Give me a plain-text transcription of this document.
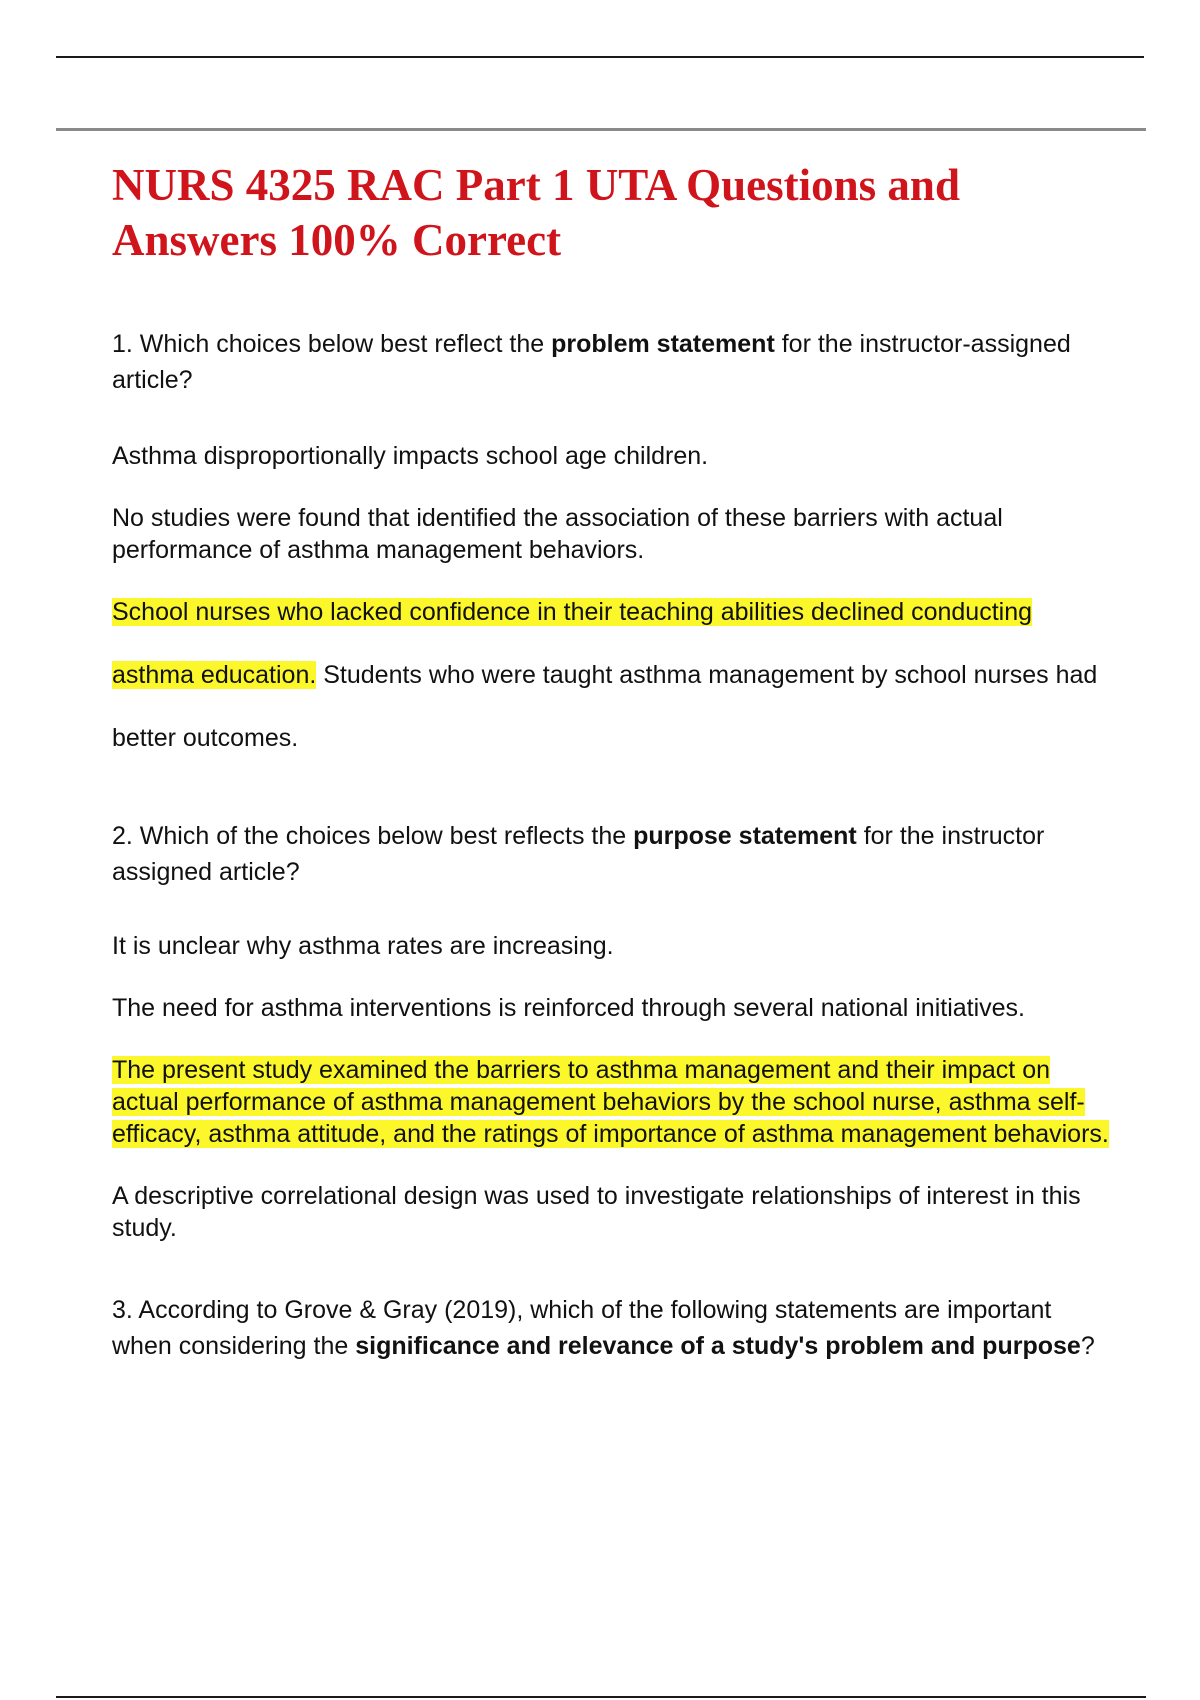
NURS 4325 RAC Part 1 UTA Questions and Answers 100% Correct

1. Which choices below best reflect the problem statement for the instructor-assigned article?

Asthma disproportionally impacts school age children.

No studies were found that identified the association of these barriers with actual performance of asthma management behaviors.

School nurses who lacked confidence in their teaching abilities declined conducting asthma education. Students who were taught asthma management by school nurses had better outcomes.

2. Which of the choices below best reflects the purpose statement for the instructor assigned article?

It is unclear why asthma rates are increasing.

The need for asthma interventions is reinforced through several national initiatives.

The present study examined the barriers to asthma management and their impact on actual performance of asthma management behaviors by the school nurse, asthma self-efficacy, asthma attitude, and the ratings of importance of asthma management behaviors.

A descriptive correlational design was used to investigate relationships of interest in this study.

3. According to Grove & Gray (2019), which of the following statements are important when considering the significance and relevance of a study's problem and purpose?
